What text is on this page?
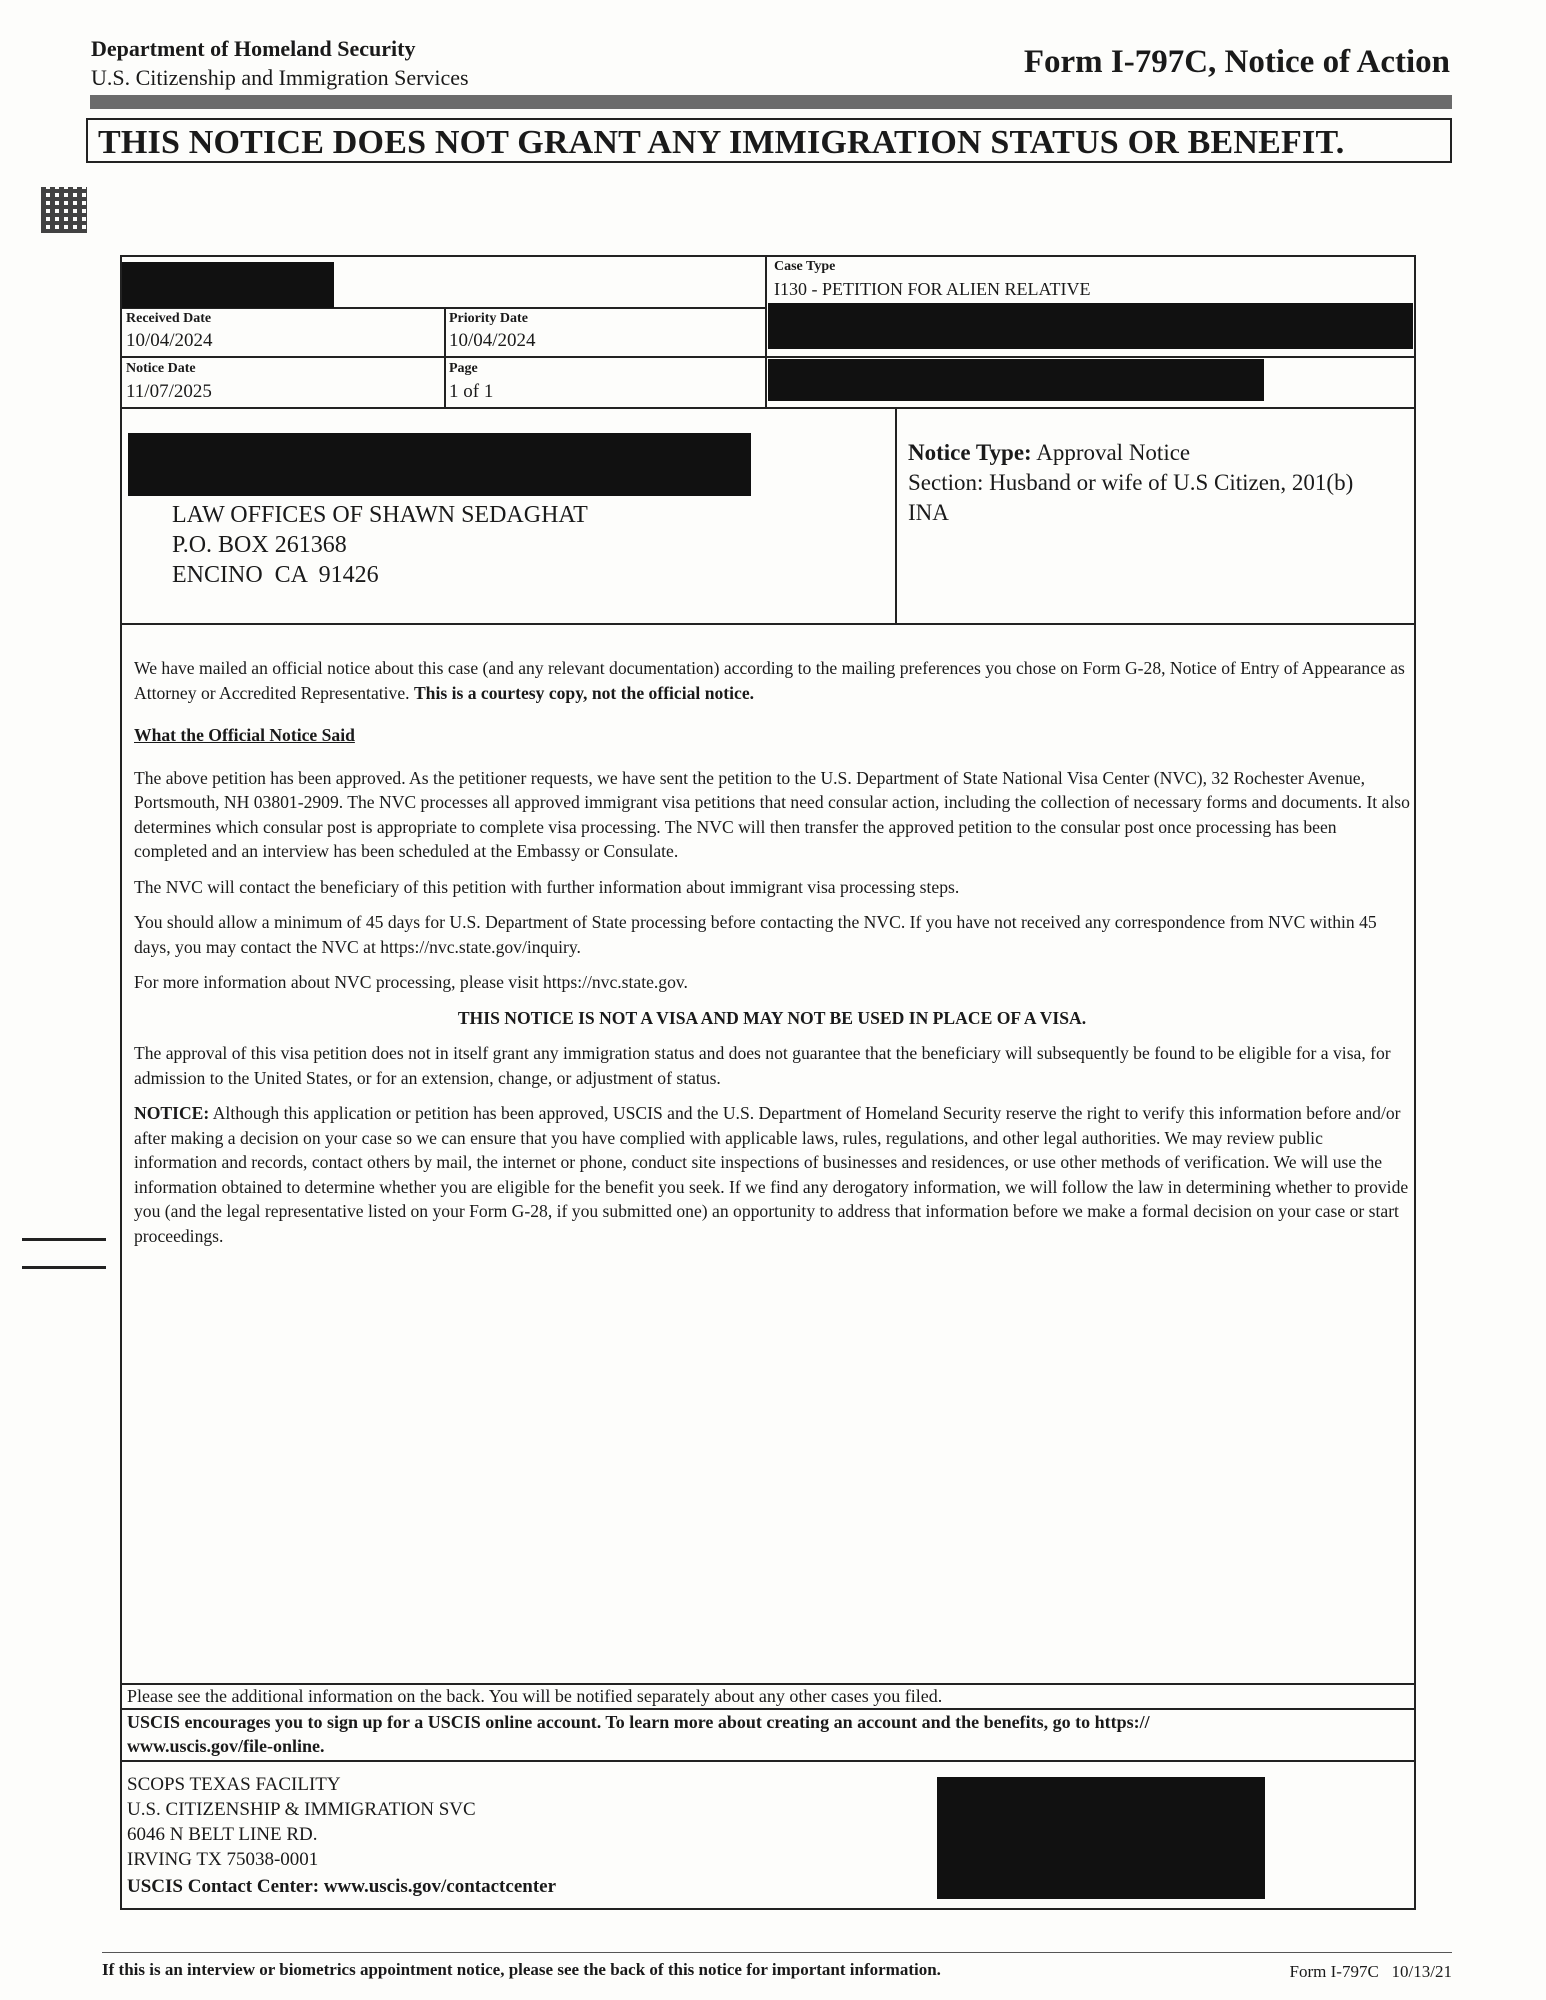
Department of Homeland Security
U.S. Citizenship and Immigration Services	Form I-797C, Notice of Action
THIS NOTICE DOES NOT GRANT ANY IMMIGRATION STATUS OR BENEFIT.
Case Type
I130 - PETITION FOR ALIEN RELATIVE
Received Date
10/04/2024
Priority Date
10/04/2024
Notice Date
11/07/2025
Page
1 of 1
LAW OFFICES OF SHAWN SEDAGHAT
P.O. BOX 261368
ENCINO  CA  91426
Notice Type: Approval Notice
Section: Husband or wife of U.S Citizen, 201(b)
INA

We have mailed an official notice about this case (and any relevant documentation) according to the mailing preferences you chose on Form G-28, Notice of Entry of Appearance as Attorney or Accredited Representative. This is a courtesy copy, not the official notice.

What the Official Notice Said

The above petition has been approved. As the petitioner requests, we have sent the petition to the U.S. Department of State National Visa Center (NVC), 32 Rochester Avenue, Portsmouth, NH 03801-2909. The NVC processes all approved immigrant visa petitions that need consular action, including the collection of necessary forms and documents. It also determines which consular post is appropriate to complete visa processing. The NVC will then transfer the approved petition to the consular post once processing has been completed and an interview has been scheduled at the Embassy or Consulate.

The NVC will contact the beneficiary of this petition with further information about immigrant visa processing steps.

You should allow a minimum of 45 days for U.S. Department of State processing before contacting the NVC. If you have not received any correspondence from NVC within 45 days, you may contact the NVC at https://nvc.state.gov/inquiry.

For more information about NVC processing, please visit https://nvc.state.gov.

THIS NOTICE IS NOT A VISA AND MAY NOT BE USED IN PLACE OF A VISA.

The approval of this visa petition does not in itself grant any immigration status and does not guarantee that the beneficiary will subsequently be found to be eligible for a visa, for admission to the United States, or for an extension, change, or adjustment of status.

NOTICE: Although this application or petition has been approved, USCIS and the U.S. Department of Homeland Security reserve the right to verify this information before and/or after making a decision on your case so we can ensure that you have complied with applicable laws, rules, regulations, and other legal authorities. We may review public information and records, contact others by mail, the internet or phone, conduct site inspections of businesses and residences, or use other methods of verification. We will use the information obtained to determine whether you are eligible for the benefit you seek. If we find any derogatory information, we will follow the law in determining whether to provide you (and the legal representative listed on your Form G-28, if you submitted one) an opportunity to address that information before we make a formal decision on your case or start proceedings.

Please see the additional information on the back. You will be notified separately about any other cases you filed.
USCIS encourages you to sign up for a USCIS online account. To learn more about creating an account and the benefits, go to https://
www.uscis.gov/file-online.
SCOPS TEXAS FACILITY
U.S. CITIZENSHIP & IMMIGRATION SVC
6046 N BELT LINE RD.
IRVING TX 75038-0001
USCIS Contact Center: www.uscis.gov/contactcenter
If this is an interview or biometrics appointment notice, please see the back of this notice for important information.	Form I-797C   10/13/21
